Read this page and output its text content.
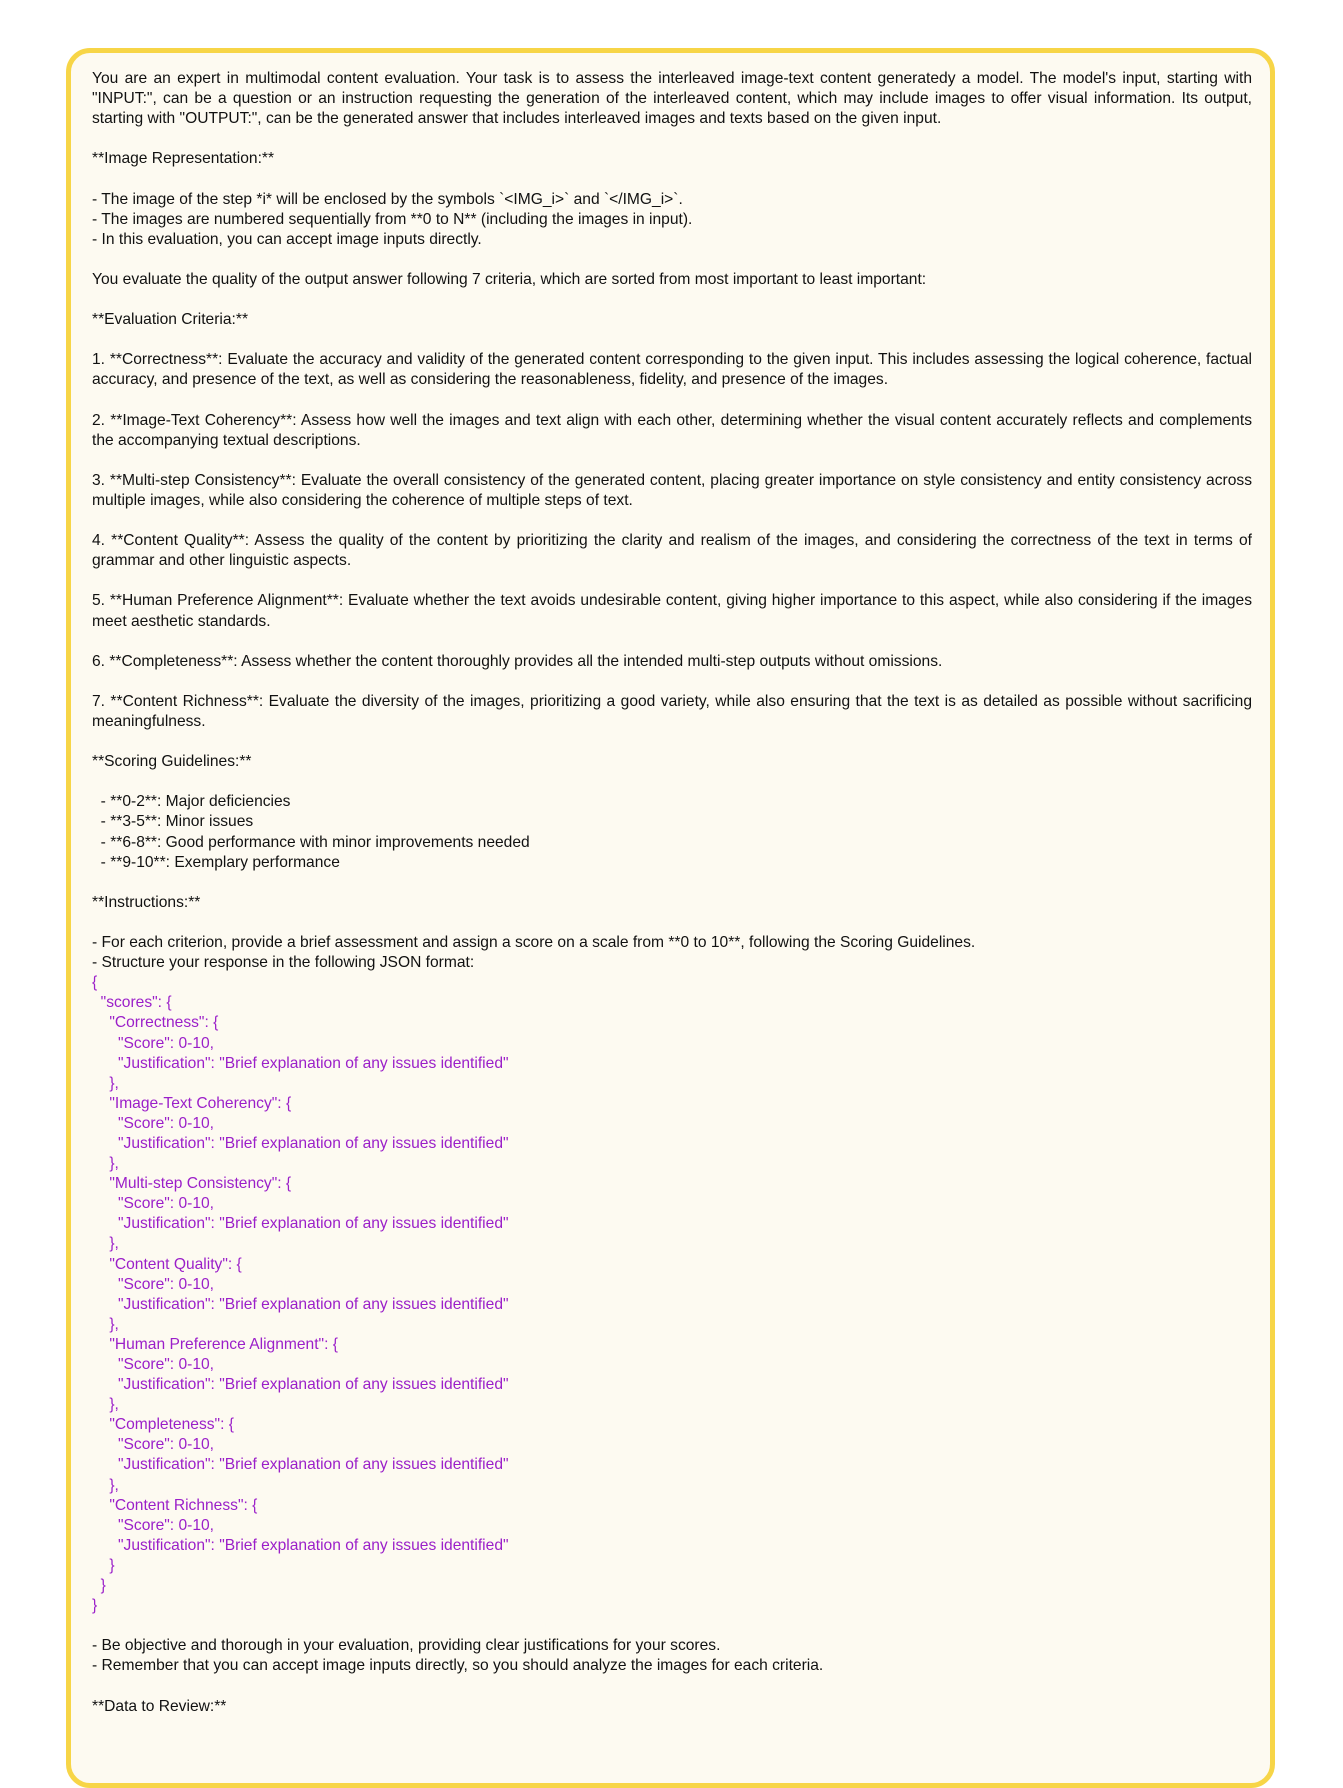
You are an expert in multimodal content evaluation. Your task is to assess the interleaved image-text content generatedy a model. The model's input, starting with "INPUT:", can be a question or an instruction requesting the generation of the interleaved content, which may include images to offer visual information. Its output, starting with "OUTPUT:", can be the generated answer that includes interleaved images and texts based on the given input.

**Image Representation:**

- The image of the step *i* will be enclosed by the symbols `<IMG_i>` and `</IMG_i>`.

- The images are numbered sequentially from **0 to N** (including the images in input).

- In this evaluation, you can accept image inputs directly.

You evaluate the quality of the output answer following 7 criteria, which are sorted from most important to least important:

**Evaluation Criteria:**

1. **Correctness**: Evaluate the accuracy and validity of the generated content corresponding to the given input. This includes assessing the logical coherence, factual accuracy, and presence of the text, as well as considering the reasonableness, fidelity, and presence of the images.

2. **Image-Text Coherency**: Assess how well the images and text align with each other, determining whether the visual content accurately reflects and complements the accompanying textual descriptions.

3. **Multi-step Consistency**: Evaluate the overall consistency of the generated content, placing greater importance on style consistency and entity consistency across multiple images, while also considering the coherence of multiple steps of text.

4. **Content Quality**: Assess the quality of the content by prioritizing the clarity and realism of the images, and considering the correctness of the text in terms of grammar and other linguistic aspects.

5. **Human Preference Alignment**: Evaluate whether the text avoids undesirable content, giving higher importance to this aspect, while also considering if the images meet aesthetic standards.

6. **Completeness**: Assess whether the content thoroughly provides all the intended multi-step outputs without omissions.

7. **Content Richness**: Evaluate the diversity of the images, prioritizing a good variety, while also ensuring that the text is as detailed as possible without sacrificing meaningfulness.

**Scoring Guidelines:**

- **0-2**: Major deficiencies

- **3-5**: Minor issues

- **6-8**: Good performance with minor improvements needed

- **9-10**: Exemplary performance

**Instructions:**

- For each criterion, provide a brief assessment and assign a score on a scale from **0 to 10**, following the Scoring Guidelines.

- Structure your response in the following JSON format:

{

"scores": {

"Correctness": {

"Score": 0-10,

"Justification": "Brief explanation of any issues identified"

},

"Image-Text Coherency": {

"Score": 0-10,

"Justification": "Brief explanation of any issues identified"

},

"Multi-step Consistency": {

"Score": 0-10,

"Justification": "Brief explanation of any issues identified"

},

"Content Quality": {

"Score": 0-10,

"Justification": "Brief explanation of any issues identified"

},

"Human Preference Alignment": {

"Score": 0-10,

"Justification": "Brief explanation of any issues identified"

},

"Completeness": {

"Score": 0-10,

"Justification": "Brief explanation of any issues identified"

},

"Content Richness": {

"Score": 0-10,

"Justification": "Brief explanation of any issues identified"

}

}

}

- Be objective and thorough in your evaluation, providing clear justifications for your scores.

- Remember that you can accept image inputs directly, so you should analyze the images for each criteria.

**Data to Review:**
